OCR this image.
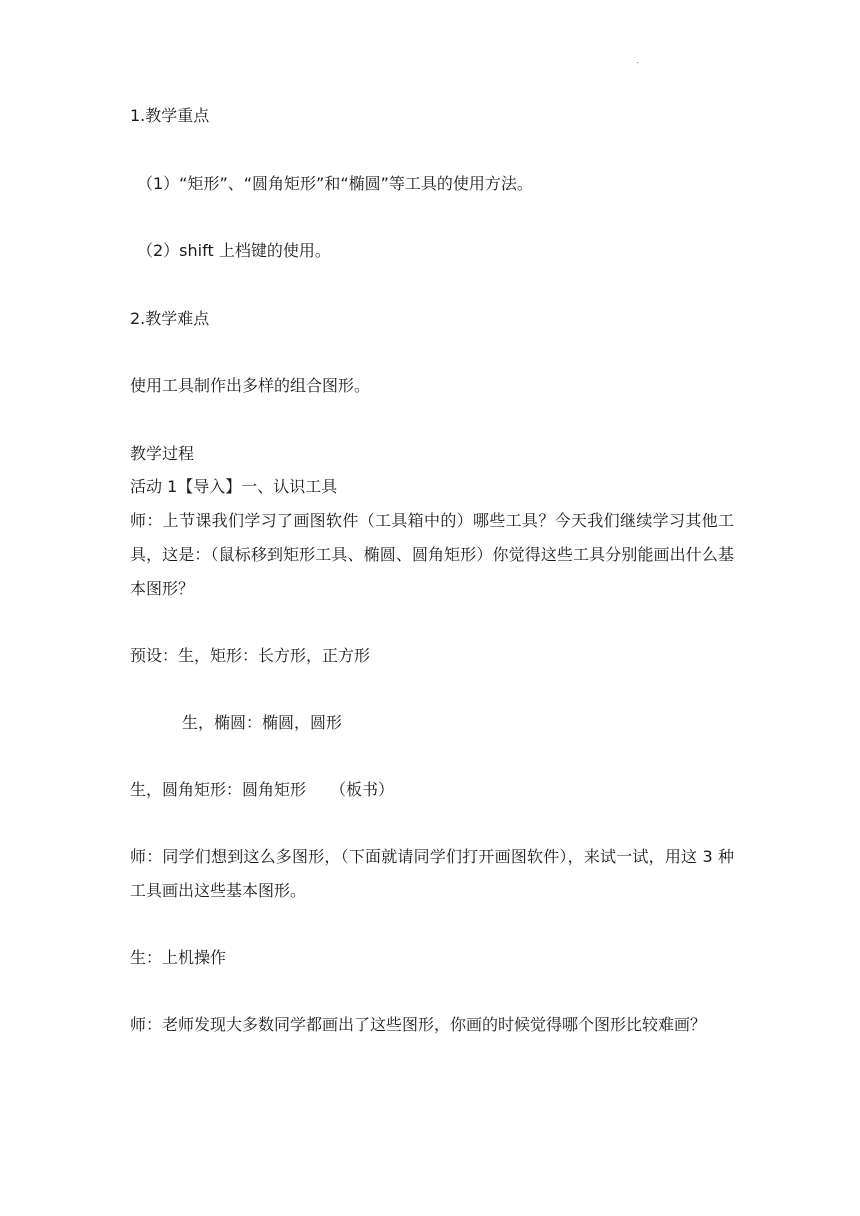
.
1.教学重点
（1）“矩形”、“圆角矩形”和“椭圆”等工具的使用方法。
（2）shift 上档键的使用。
2.教学难点
使用工具制作出多样的组合图形。
教学过程
活动 1【导入】一、认识工具
师：上节课我们学习了画图软件（工具箱中的）哪些工具？今天我们继续学习其他工具，这是：（鼠标移到矩形工具、椭圆、圆角矩形）你觉得这些工具分别能画出什么基本图形？
预设：生，矩形：长方形，正方形
生，椭圆：椭圆，圆形
生，圆角矩形：圆角矩形　　（板书）
师：同学们想到这么多图形，（下面就请同学们打开画图软件），来试一试，用这 3 种工具画出这些基本图形。
生：上机操作
师：老师发现大多数同学都画出了这些图形，你画的时候觉得哪个图形比较难画？
